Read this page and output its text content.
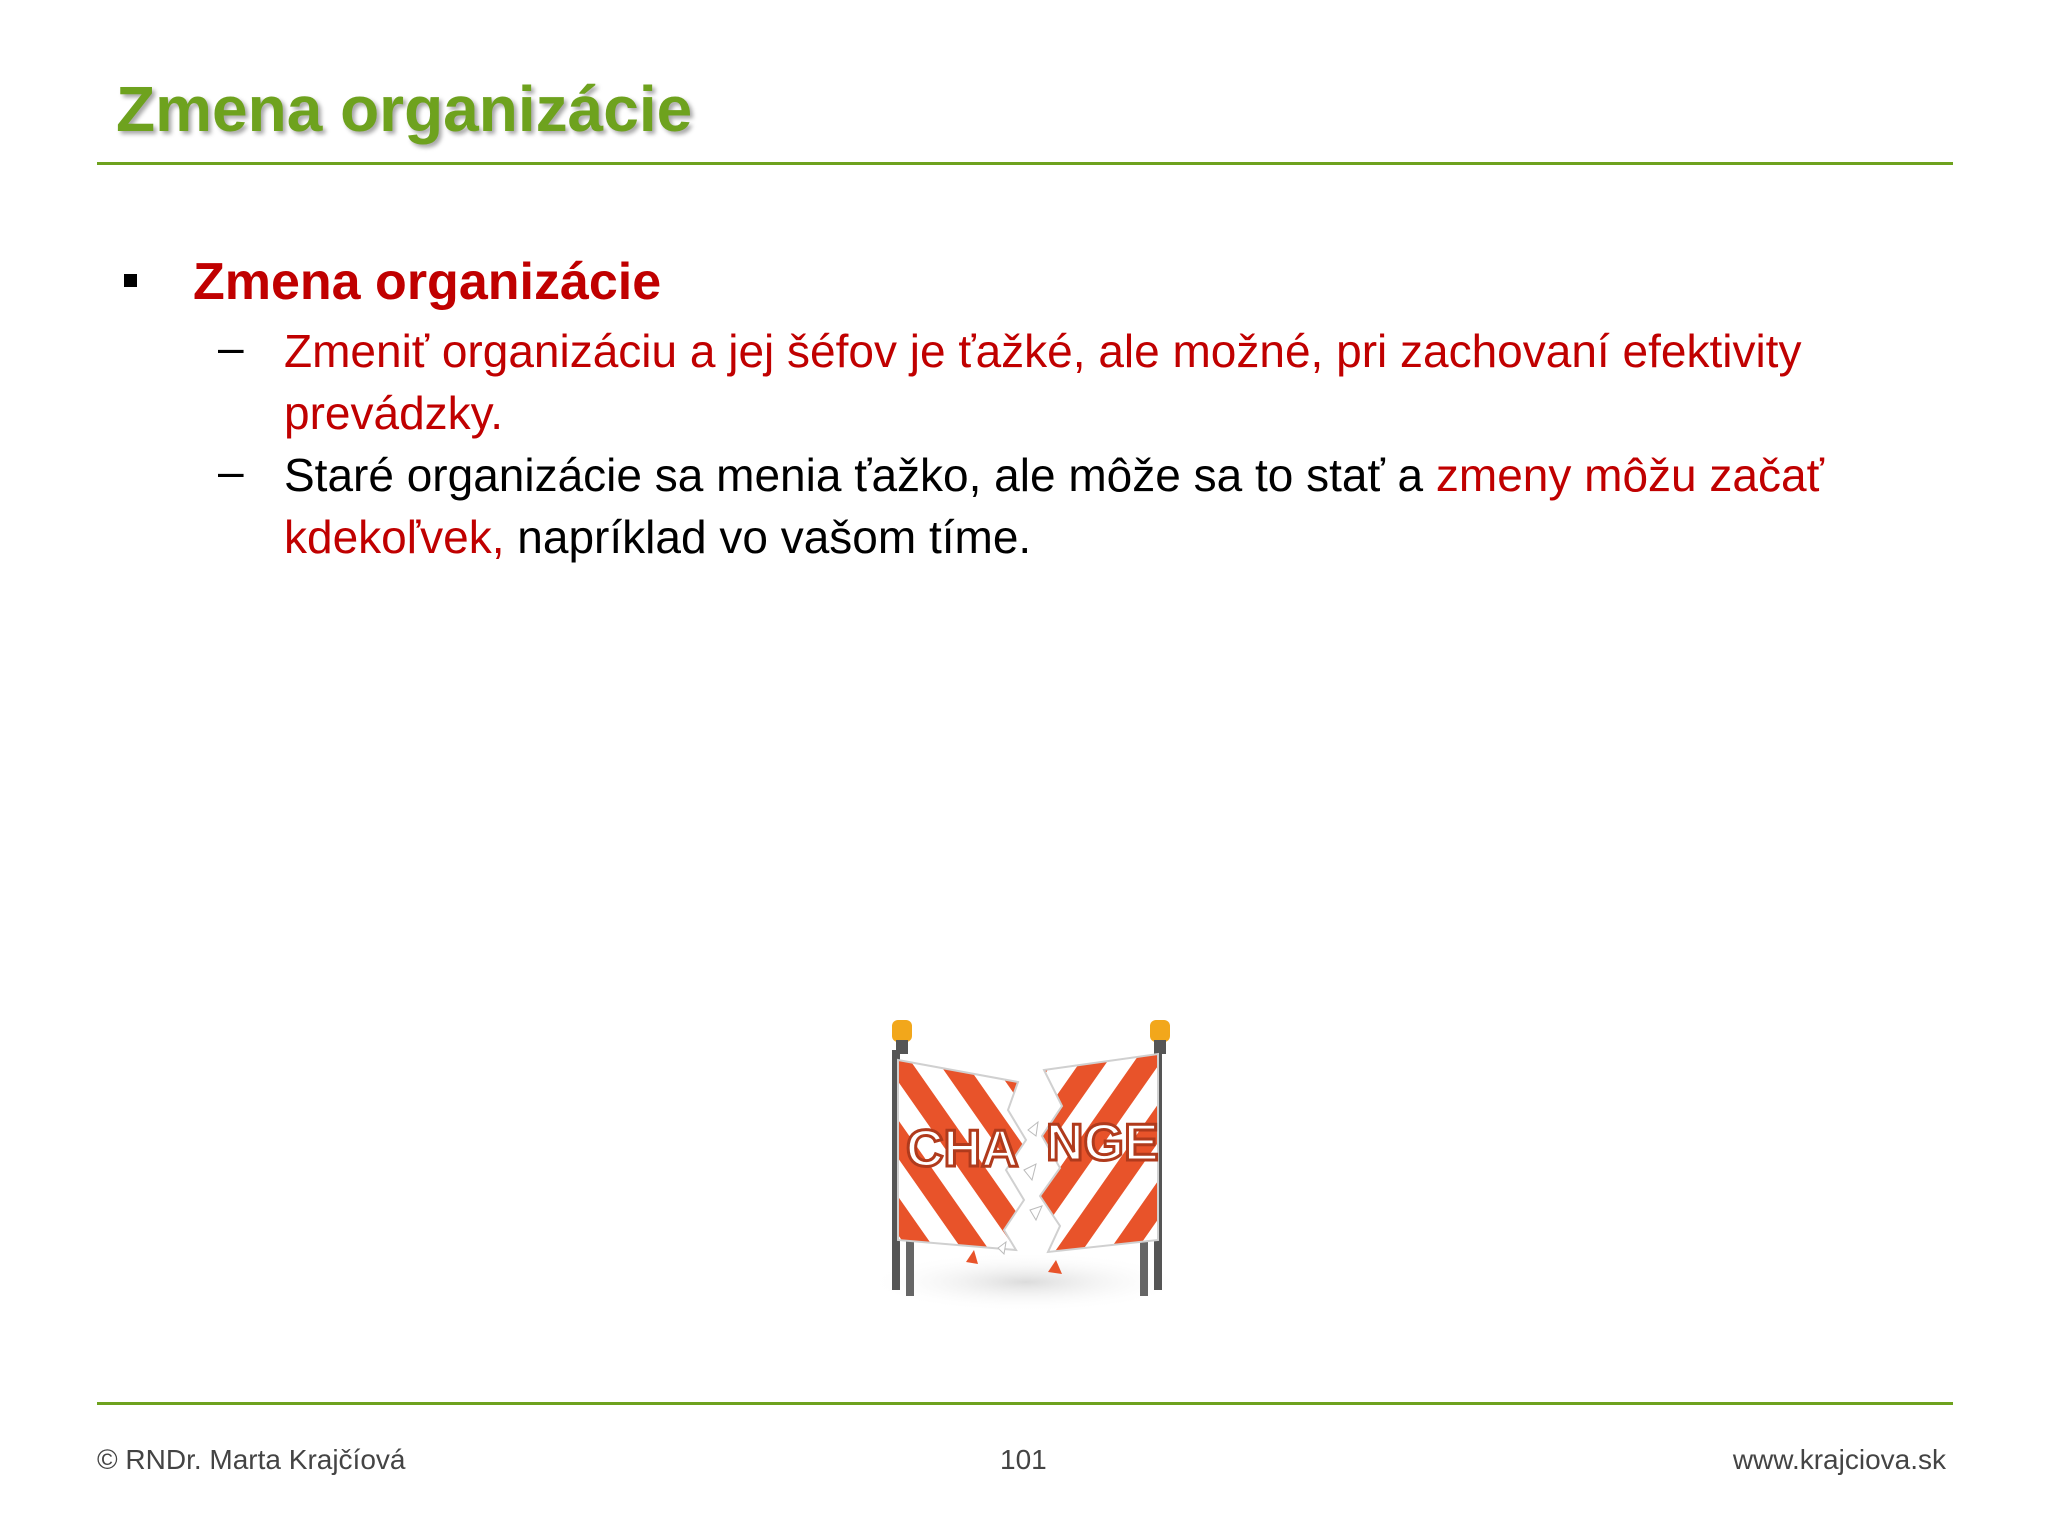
Zmena organizácie
Zmena organizácie
– Zmeniť organizáciu a jej šéfov je ťažké, ale možné, pri zachovaní efektivity prevádzky.
– Staré organizácie sa menia ťažko, ale môže sa to stať a zmeny môžu začať kdekoľvek, napríklad vo vašom tíme.
CHA NGE
© RNDr. Marta Krajčíová	101	www.krajciova.sk
